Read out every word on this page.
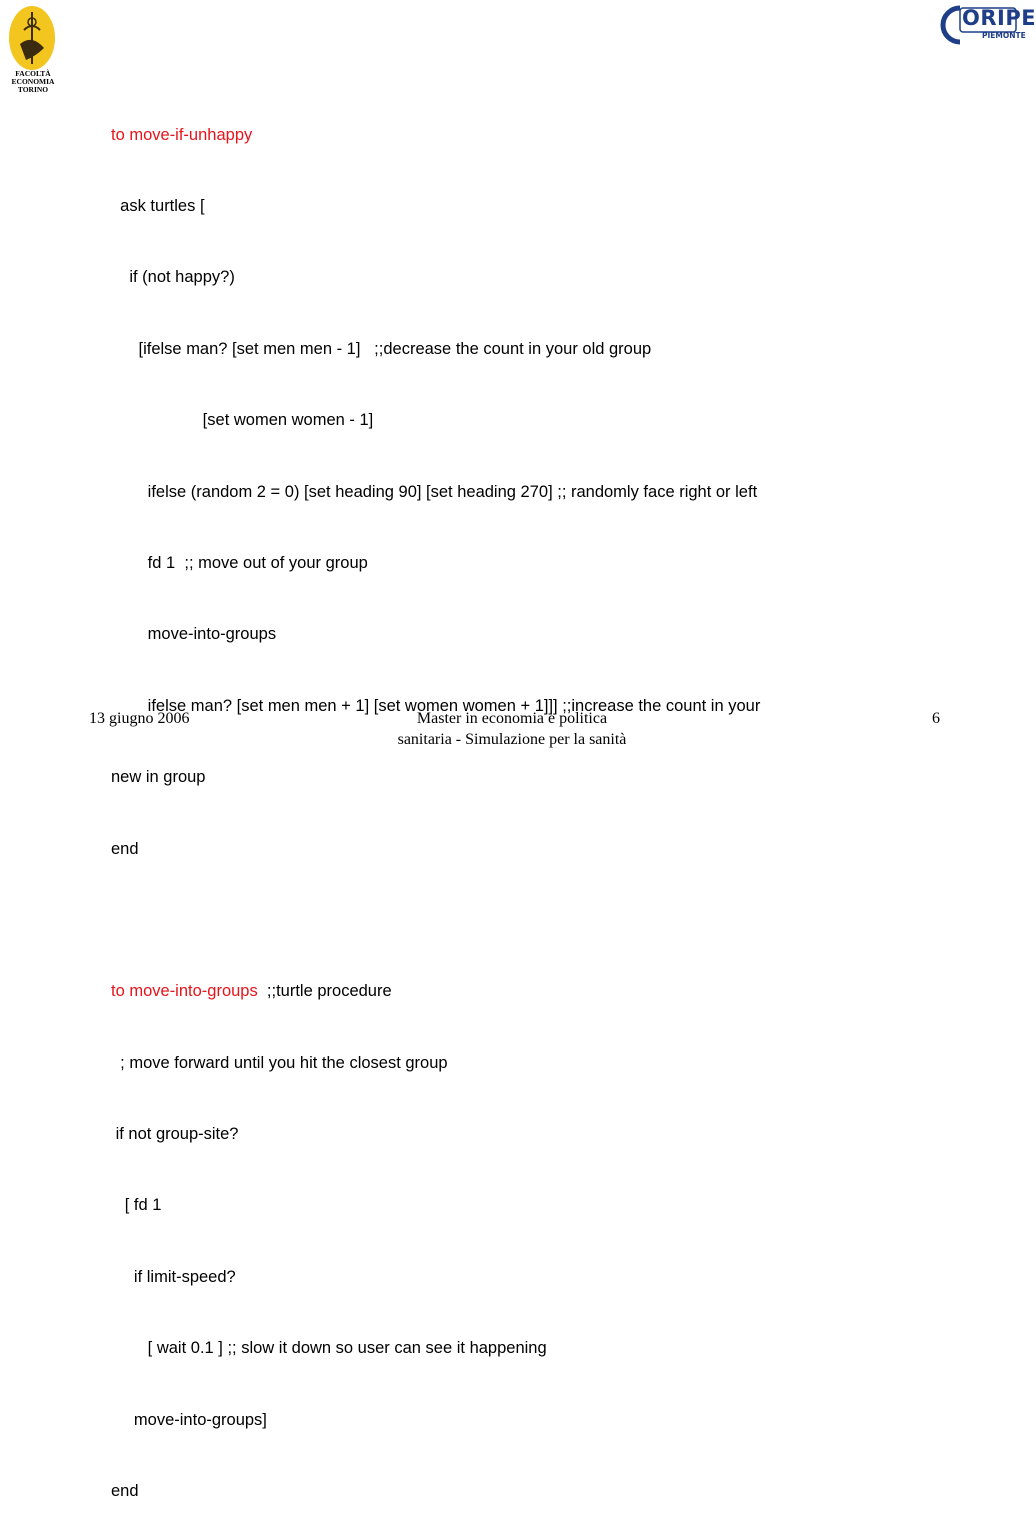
FACOLTÀ
ECONOMIA
TORINO
ORIPE
PIEMONTE

to move-if-unhappy

ask turtles [

if (not happy?)

[ifelse man? [set men men - 1]   ;;decrease the count in your old group

[set women women - 1]

ifelse (random 2 = 0) [set heading 90] [set heading 270] ;; randomly face right or left

fd 1  ;; move out of your group

move-into-groups

ifelse man? [set men men + 1] [set women women + 1]]] ;;increase the count in your

new in group

end

to move-into-groups  ;;turtle procedure

; move forward until you hit the closest group

if not group-site?

[ fd 1

if limit-speed?

[ wait 0.1 ] ;; slow it down so user can see it happening

move-into-groups]

end

13 giugno 2006	Master in economia e politica
sanitaria - Simulazione per la sanità
6
